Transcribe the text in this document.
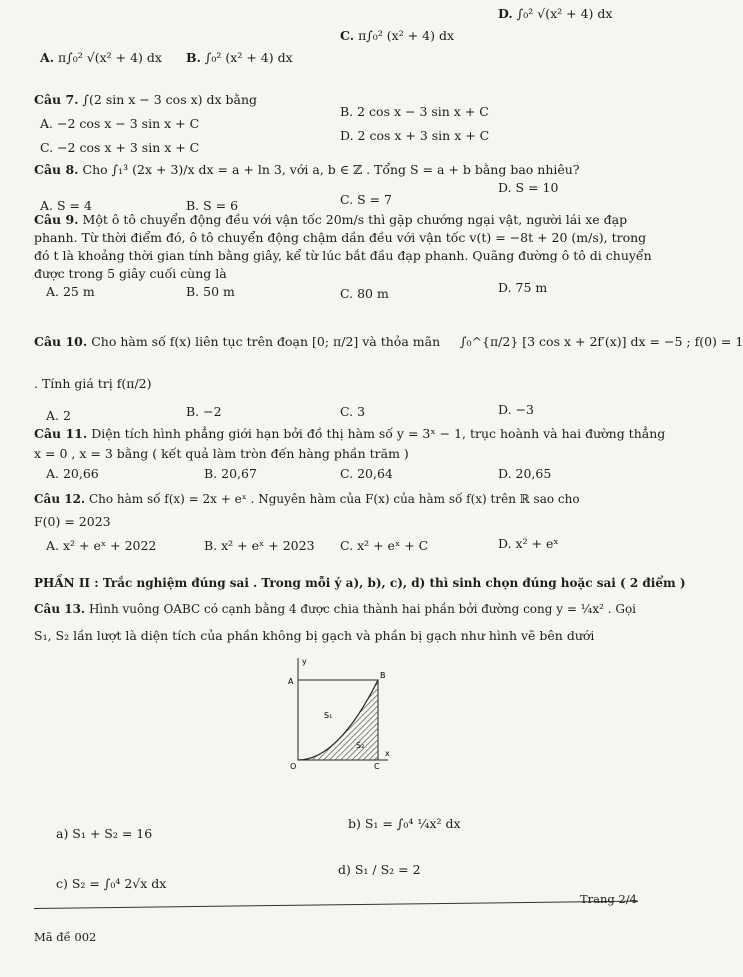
A. π∫₀² √(x² + 4) dx B. ∫₀² (x² + 4) dx
C. π∫₀² (x² + 4) dx
D. ∫₀² √(x² + 4) dx
Câu 7. ∫(2 sin x − 3 cos x) dx bằng
B. 2 cos x − 3 sin x + C
A. −2 cos x − 3 sin x + C
D. 2 cos x + 3 sin x + C
C. −2 cos x + 3 sin x + C
Câu 8. Cho ∫₁³ (2x + 3)/x dx = a + ln 3, với a, b ∈ ℤ . Tổng S = a + b bằng bao nhiêu?
A. S = 4	B. S = 6	C. S = 7
D. S = 10
Câu 9. Một ô tô chuyển động đều với vận tốc 20m/s thì gặp chướng ngại vật, người lái xe đạp
phanh. Từ thời điểm đó, ô tô chuyển động chậm dần đều với vận tốc v(t) = −8t + 20 (m/s), trong
đó t là khoảng thời gian tính bằng giây, kể từ lúc bắt đầu đạp phanh. Quãng đường ô tô di chuyển
được trong 5 giây cuối cùng là
A. 25 m	B. 50 m	C. 80 m	D. 75 m
Câu 10. Cho hàm số f(x) liên tục trên đoạn [0; π/2] và thỏa mãn ∫₀^{π/2} [3 cos x + 2f′(x)] dx = −5 ; f(0) = 1
. Tính giá trị f(π/2)
A. 2	B. −2	C. 3	D. −3
Câu 11. Diện tích hình phẳng giới hạn bởi đồ thị hàm số y = 3ˣ − 1, trục hoành và hai đường thẳng
x = 0 , x = 3 bằng ( kết quả làm tròn đến hàng phần trăm )
A. 20,66	B. 20,67	C. 20,64	D. 20,65
Câu 12. Cho hàm số f(x) = 2x + eˣ . Nguyên hàm của F(x) của hàm số f(x) trên ℝ sao cho
F(0) = 2023
A. x² + eˣ + 2022	B. x² + eˣ + 2023 C. x² + eˣ + C	D. x² + eˣ
PHẦN II : Trắc nghiệm đúng sai . Trong mỗi ý a), b), c), d) thì sinh chọn đúng hoặc sai ( 2 điểm )
Câu 13. Hình vuông OABC có cạnh bằng 4 được chia thành hai phần bởi đường cong y = ¼x² . Gọi
S₁, S₂ lần lượt là diện tích của phần không bị gạch và phần bị gạch như hình vẽ bên dưới
y
A
B
S₁
S₂
O	C
x
a) S₁ + S₂ = 16
b) S₁ = ∫₀⁴ ¼x² dx
c) S₂ = ∫₀⁴ 2√x dx
d) S₁ / S₂ = 2
Trang 2/4
Mã đề 002
